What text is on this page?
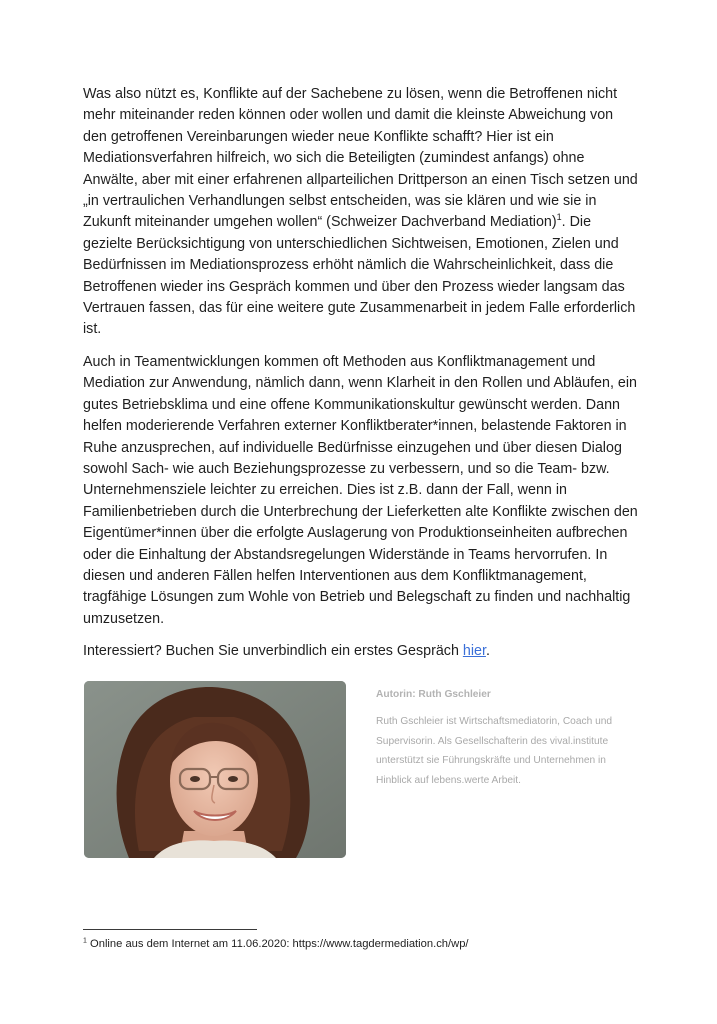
Was also nützt es, Konflikte auf der Sachebene zu lösen, wenn die Betroffenen nicht mehr miteinander reden können oder wollen und damit die kleinste Abweichung von den getroffenen Vereinbarungen wieder neue Konflikte schafft? Hier ist ein Mediationsverfahren hilfreich, wo sich die Beteiligten (zumindest anfangs) ohne Anwälte, aber mit einer erfahrenen allparteilichen Drittperson an einen Tisch setzen und „in vertraulichen Verhandlungen selbst entscheiden, was sie klären und wie sie in Zukunft miteinander umgehen wollen“ (Schweizer Dachverband Mediation)$^1$. Die gezielte Berücksichtigung von unterschiedlichen Sichtweisen, Emotionen, Zielen und Bedürfnissen im Mediationsprozess erhöht nämlich die Wahrscheinlichkeit, dass die Betroffenen wieder ins Gespräch kommen und über den Prozess wieder langsam das Vertrauen fassen, das für eine weitere gute Zusammenarbeit in jedem Falle erforderlich ist.

Auch in Teamentwicklungen kommen oft Methoden aus Konfliktmanagement und Mediation zur Anwendung, nämlich dann, wenn Klarheit in den Rollen und Abläufen, ein gutes Betriebsklima und eine offene Kommunikationskultur gewünscht werden. Dann helfen moderierende Verfahren externer Konfliktberater*innen, belastende Faktoren in Ruhe anzusprechen, auf individuelle Bedürfnisse einzugehen und über diesen Dialog sowohl Sach- wie auch Beziehungsprozesse zu verbessern, und so die Team- bzw. Unternehmensziele leichter zu erreichen. Dies ist z.B. dann der Fall, wenn in Familienbetrieben durch die Unterbrechung der Lieferketten alte Konflikte zwischen den Eigentümer*innen über die erfolgte Auslagerung von Produktionseinheiten aufbrechen oder die Einhaltung der Abstandsregelungen Widerstände in Teams hervorrufen. In diesen und anderen Fällen helfen Interventionen aus dem Konfliktmanagement, tragfähige Lösungen zum Wohle von Betrieb und Belegschaft zu finden und nachhaltig umzusetzen.

Interessiert? Buchen Sie unverbindlich ein erstes Gespräch hier.

Autorin: Ruth Gschleier
Ruth Gschleier ist Wirtschaftsmediatorin, Coach und Supervisorin. Als Gesellschafterin des vival.institute unterstützt sie Führungskräfte und Unternehmen in Hinblick auf lebens.werte Arbeit.
$^1$ Online aus dem Internet am 11.06.2020: https://www.tagdermediation.ch/wp/
